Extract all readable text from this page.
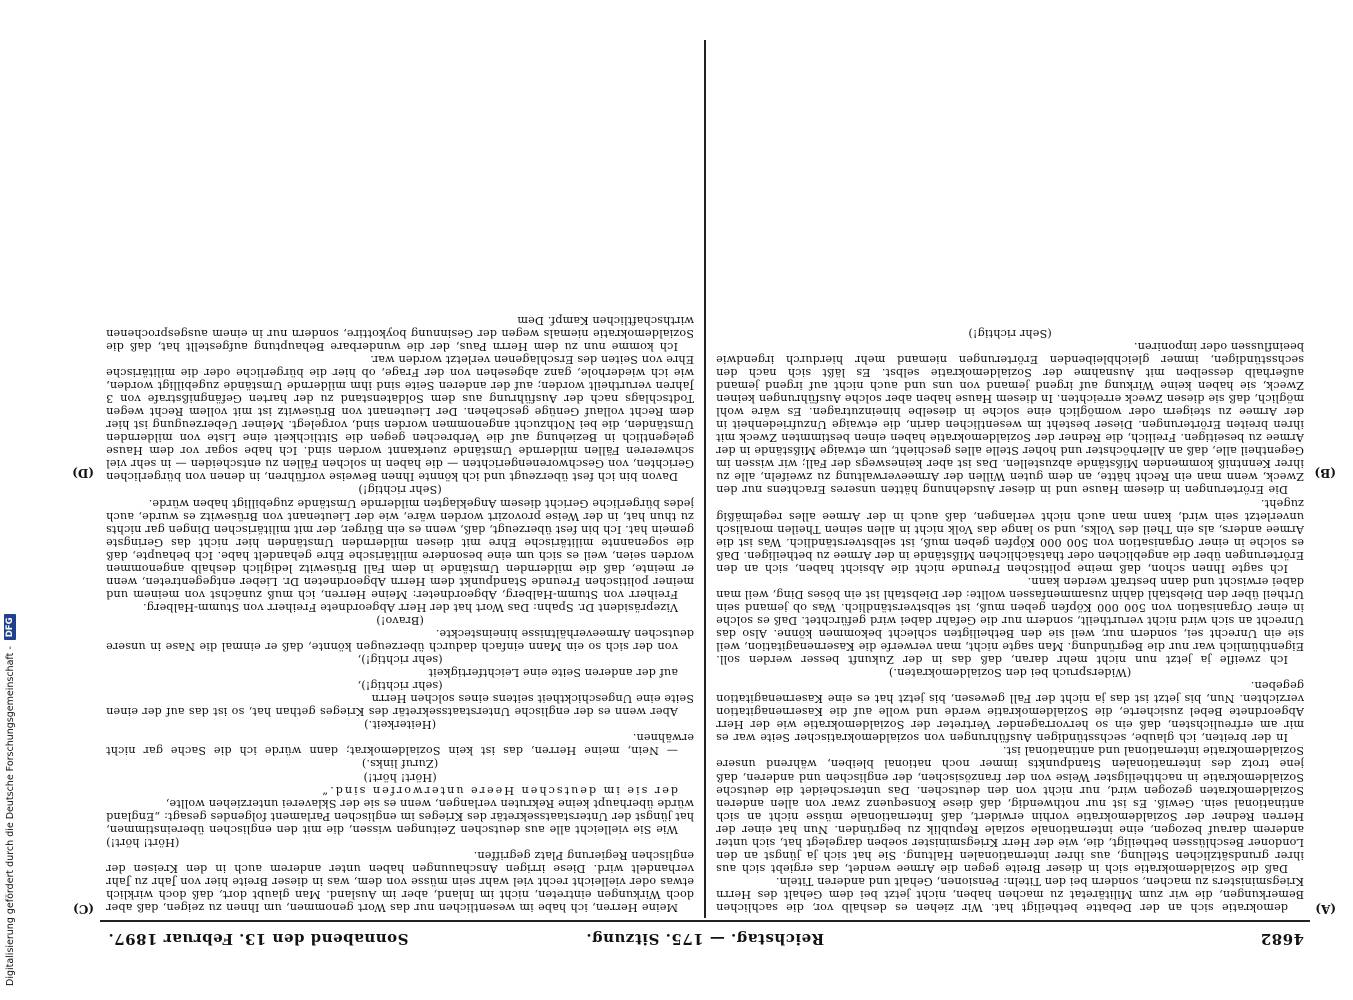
4682
Reichstag. — 175. Sitzung.
Sonnabend den 13. Februar 1897.
(A)
(B)
(C)
(D)

demokratie sich an der Debatte betheiligt hat. Wir ziehen es deshalb vor, die sachlichen Bemerkungen, die wir zum Militäretat zu machen haben, nicht jetzt bei dem Gehalt des Herrn Kriegsministers zu machen, sondern bei den Titeln: Pensionen, Gehalt und anderen Titeln.

Daß die Sozialdemokratie sich in dieser Breite gegen die Armee wendet, das ergiebt sich aus ihrer grundsätzlichen Stellung, aus ihrer internationalen Haltung. Sie hat sich ja jüngst an den Londoner Beschlüssen betheiligt, die, wie der Herr Kriegsminister soeben dargelegt hat, sich unter anderem darauf bezogen, eine internationale soziale Republik zu begründen. Nun hat einer der Herren Redner der Sozialdemokratie vorhin erwidert, daß Internationale müsse nicht an sich antinational sein. Gewiß. Es ist nur nothwendig, daß diese Konsequenz zwar von allen anderen Sozialdemokraten gezogen wird, nur nicht von den deutschen. Das unterscheidet die deutsche Sozialdemokratie in nachtheiligster Weise von der französischen, der englischen und anderen, daß jene trotz des internationalen Standpunkts immer noch national bleiben, während unsere Sozialdemokratie international und antinational ist.

In der breiten, ich glaube, sechsstündigen Ausführungen von sozialdemokratischer Seite war es mir am erfreulichsten, daß ein so hervorragender Vertreter der Sozialdemokratie wie der Herr Abgeordnete Bebel zusicherte, die Sozialdemokratie werde und wolle auf die Kasernenagitation verzichten. Nun, bis jetzt ist das ja nicht der Fall gewesen, bis jetzt hat es eine Kasernenagitation gegeben.

(Widerspruch bei den Sozialdemokraten.)

Ich zweifle ja jetzt nun nicht mehr daran, daß das in der Zukunft besser werden soll. Eigenthümlich war nur die Begründung. Man sagte nicht, man verwerfe die Kasernenagitation, weil sie ein Unrecht sei, sondern nur, weil sie den Betheiligten schlecht bekommen könne. Also das Unrecht an sich wird nicht verurtheilt, sondern nur die Gefahr dabei wird gefürchtet. Daß es solche in einer Organisation von 500 000 Köpfen geben muß, ist selbstverständlich. Was ob jemand sein Urtheil über den Diebstahl dahin zusammenfassen wollte: der Diebstahl ist ein böses Ding, weil man dabei erwischt und dann bestraft werden kann.

Ich sagte Ihnen schon, daß meine politischen Freunde nicht die Absicht haben, sich an den Erörterungen über die angeblichen oder thatsächlichen Mißstände in der Armee zu betheiligen. Daß es solche in einer Organisation von 500 000 Köpfen geben muß, ist selbstverständlich. Was ist die Armee anders, als ein Theil des Volks, und so lange das Volk nicht in allen seinen Theilen moralisch unverletzt sein wird, kann man auch nicht verlangen, daß auch in der Armee alles regelmäßig zugeht.

Die Erörterungen in diesem Hause und in dieser Ausdehnung hätten unseres Erachtens nur den Zweck, wenn man ein Recht hätte, an dem guten Willen der Armeeverwaltung zu zweifeln, alle zu ihrer Kenntniß kommenden Mißstände abzustellen. Das ist aber keineswegs der Fall; wir wissen im Gegentheil alle, daß an Allerhöchster und hoher Stelle alles geschieht, um etwaige Mißstände in der Armee zu beseitigen. Freilich, die Redner der Sozialdemokratie haben einen bestimmten Zweck mit ihren breiten Erörterungen. Dieser besteht im wesentlichen darin, die etwaige Unzufriedenheit in der Armee zu steigern oder womöglich eine solche in dieselbe hineinzutragen. Es wäre wohl möglich, daß sie diesen Zweck erreichten. In diesem Hause haben aber solche Ausführungen keinen Zweck, sie haben keine Wirkung auf irgend jemand von uns und auch nicht auf irgend jemand außerhalb desselben mit Ausnahme der Sozialdemokratie selbst. Es läßt sich nach den sechsstündigen, immer gleichbleibenden Erörterungen niemand mehr hierdurch irgendwie beeinflussen oder imponiren.

(Sehr richtig!)

Meine Herren, ich habe im wesentlichen nur das Wort genommen, um Ihnen zu zeigen, daß aber doch Wirkungen eintreten, nicht im Inland, aber im Ausland. Man glaubt dort, daß doch wirklich etwas oder vielleicht recht viel wahr sein müsse von dem, was in dieser Breite hier von Jahr zu Jahr verhandelt wird. Diese irrigen Anschauungen haben unter anderem auch in den Kreisen der englischen Regierung Platz gegriffen.

(Hört! hört!)

Wie Sie vielleicht alle aus deutschen Zeitungen wissen, die mit den englischen übereinstimmen, hat jüngst der Unterstaatssekretär des Krieges im englischen Parlament folgendes gesagt: „England würde überhaupt keine Rekruten verlangen, wenn es sie der Sklaverei unterziehen wollte,

der sie im deutschen Heere unterworfen sind.“

(Hört! hört!)

(Zuruf links.)

— Nein, meine Herren, das ist kein Sozialdemokrat; dann würde ich die Sache gar nicht erwähnen.

(Heiterkeit.)

Aber wenn es der englische Unterstaatssekretär des Krieges gethan hat, so ist das auf der einen Seite eine Ungeschicktheit seitens eines solchen Herrn

(sehr richtig!),

auf der anderen Seite eine Leichtfertigkeit

(sehr richtig!),

von der sich so ein Mann einfach dadurch überzeugen könnte, daß er einmal die Nase in unsere deutschen Armeeverhältnisse hineinsteckte.

(Bravo!)

Vizepräsident Dr. Spahn: Das Wort hat der Herr Abgeordnete Freiherr von Stumm-Halberg.

Freiherr von Stumm-Halberg, Abgeordneter: Meine Herren, ich muß zunächst von meinem und meiner politischen Freunde Standpunkt dem Herrn Abgeordneten Dr. Lieber entgegentreten, wenn er meinte, daß die mildernden Umstände in dem Fall Brüsewitz lediglich deshalb angenommen worden seien, weil es sich um eine besondere militärische Ehre gehandelt habe. Ich behaupte, daß die sogenannte militärische Ehre mit diesen mildernden Umständen hier nicht das Geringste gemein hat. Ich bin fest überzeugt, daß, wenn es ein Bürger, der mit militärischen Dingen gar nichts zu thun hat, in der Weise provozirt worden wäre, wie der Lieutenant von Brüsewitz es wurde, auch jedes bürgerliche Gericht diesem Angeklagten mildernde Umstände zugebilligt haben würde.

(Sehr richtig!)

Davon bin ich fest überzeugt und ich könnte Ihnen Beweise vorführen, in denen von bürgerlichen Gerichten, von Geschworenengerichten — die haben in solchen Fällen zu entscheiden — in sehr viel schwereren Fällen mildernde Umstände zuerkannt worden sind. Ich habe sogar vor dem Hause gelegentlich in Beziehung auf die Verbrechen gegen die Sittlichkeit eine Liste von mildernden Umständen, die bei Nothzucht angenommen worden sind, vorgelegt. Meiner Ueberzeugung ist hier dem Recht vollauf Genüge geschehen. Der Lieutenant von Brüsewitz ist mit vollem Recht wegen Todtschlags nach der Ausführung aus dem Soldatenstand zu der harten Gefängnißstrafe von 3 Jahren verurtheilt worden; auf der anderen Seite sind ihm mildernde Umstände zugebilligt worden, wie ich wiederhole, ganz abgesehen von der Frage, ob hier die bürgerliche oder die militärische Ehre von Seiten des Erschlagenen verletzt worden war.

Ich komme nun zu dem Herrn Paus, der die wunderbare Behauptung aufgestellt hat, daß die Sozialdemokratie niemals wegen der Gesinnung boykottire, sondern nur in einem ausgesprochenen wirthschaftlichen Kampf. Dem

Digitalisierung gefördert durch die Deutsche Forschungsgemeinschaft -
DFG
